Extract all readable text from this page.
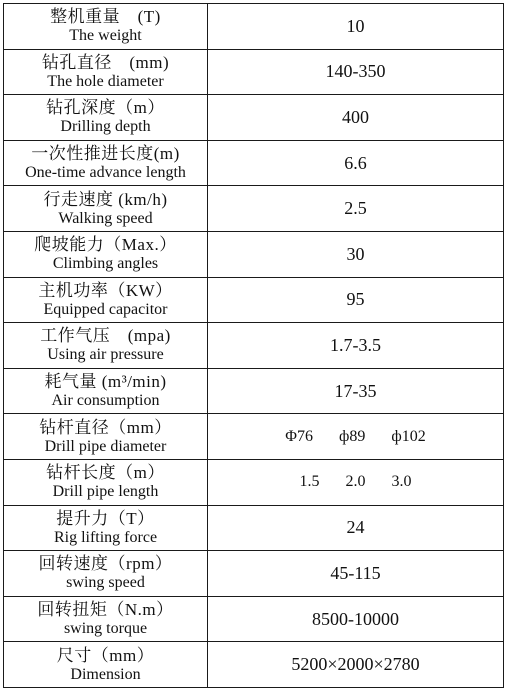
整机重量　(T)
The weight	10

钻孔直径　(mm)
The hole diameter	140-350

钻孔深度（m）
Drilling depth	400

一次性推进长度(m)
One-time advance length	6.6

行走速度 (km/h)
Walking speed	2.5

爬坡能力（Max.）
Climbing angles	30

主机功率（KW）
Equipped capacitor	95

工作气压　(mpa)
Using air pressure	1.7-3.5

耗气量 (m³/min)
Air consumption	17-35

钻杆直径（mm）
Drill pipe diameter	Φ76 ф89 ф102

钻杆长度（m）
Drill pipe length	1.5 2.0 3.0

提升力（T）
Rig lifting force	24

回转速度（rpm）
swing speed	45-115

回转扭矩（N.m）
swing torque	8500-10000

尺寸（mm）
Dimension	5200×2000×2780
